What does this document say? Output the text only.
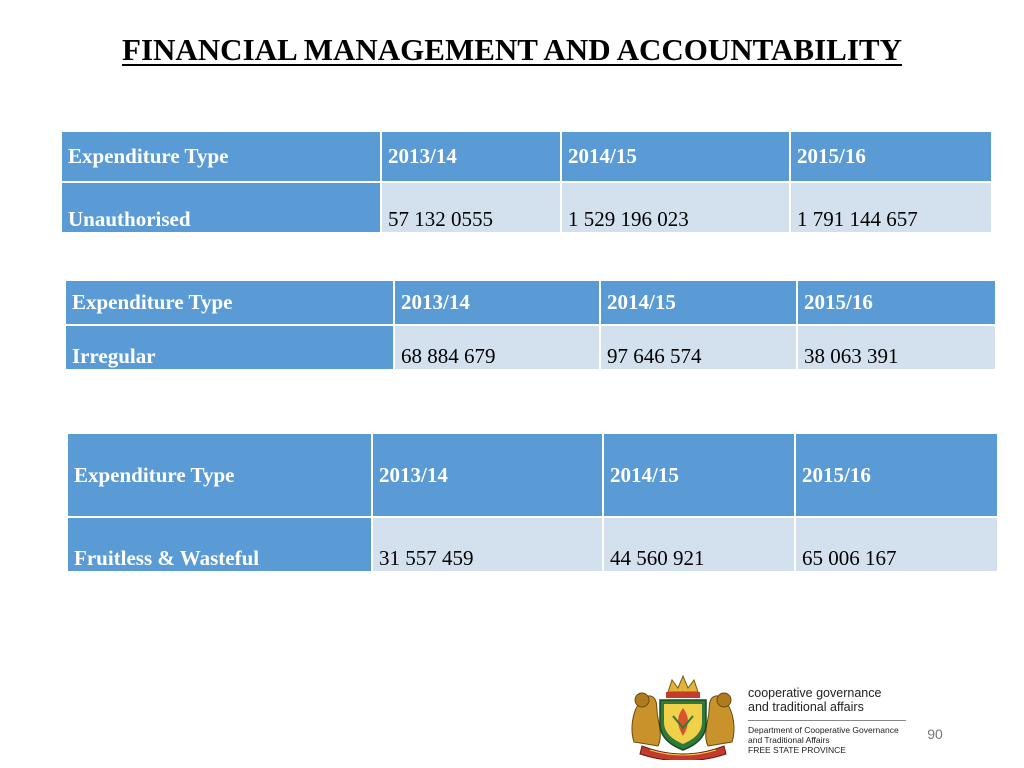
FINANCIAL MANAGEMENT AND ACCOUNTABILITY
Expenditure Type	2013/14	2014/15	2015/16
Unauthorised	57 132 0555	1 529 196 023	1 791 144 657
Expenditure Type	2013/14	2014/15	2015/16
Irregular	68 884 679	97 646 574	38 063 391
Expenditure Type	2013/14	2014/15	2015/16
Fruitless & Wasteful	31 557 459	44 560 921	65 006 167
cooperative governance
and traditional affairs
Department of Cooperative Governance
and Traditional Affairs
FREE STATE PROVINCE
90
